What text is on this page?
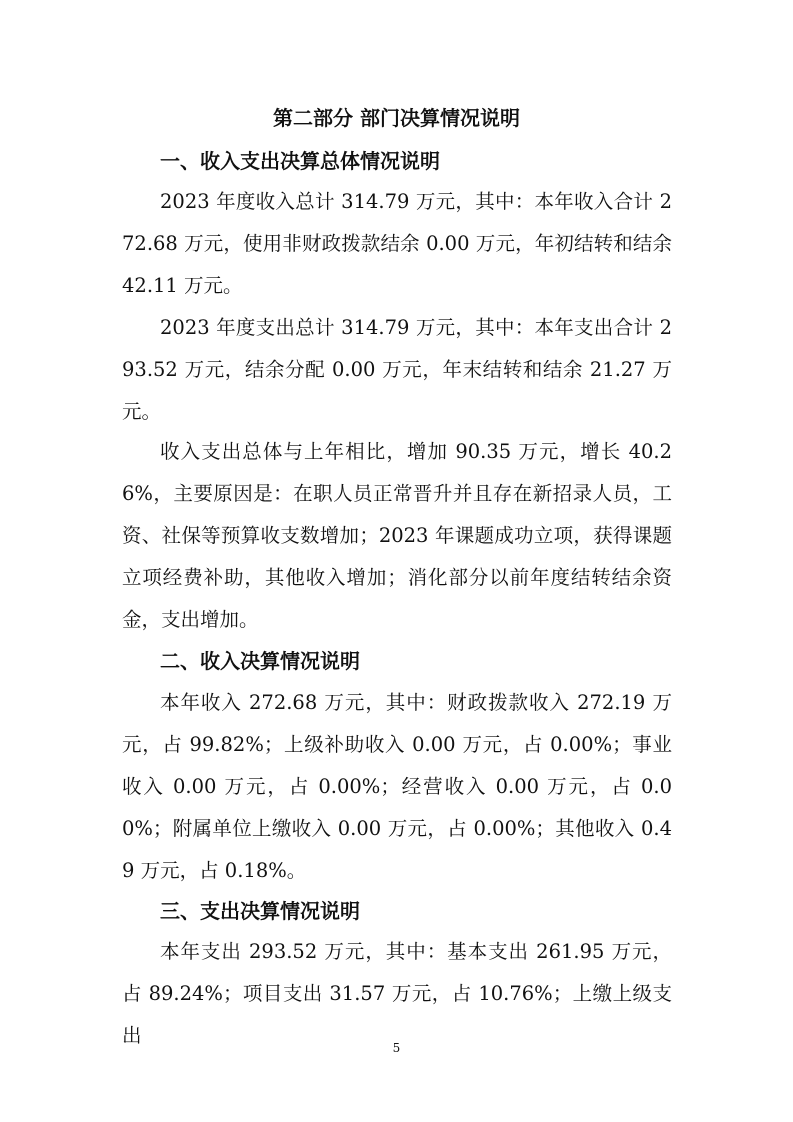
第二部分 部门决算情况说明
一、收入支出决算总体情况说明
2023 年度收入总计 314.79 万元，其中：本年收入合计 272.68 万元，使用非财政拨款结余 0.00 万元，年初结转和结余 42.11 万元。
2023 年度支出总计 314.79 万元，其中：本年支出合计 293.52 万元，结余分配 0.00 万元，年末结转和结余 21.27 万元。
收入支出总体与上年相比，增加 90.35 万元，增长 40.26%，主要原因是：在职人员正常晋升并且存在新招录人员，工资、社保等预算收支数增加；2023 年课题成功立项，获得课题立项经费补助，其他收入增加；消化部分以前年度结转结余资金，支出增加。
二、收入决算情况说明
本年收入 272.68 万元，其中：财政拨款收入 272.19 万元，占 99.82%；上级补助收入 0.00 万元，占 0.00%；事业收入 0.00 万元，占 0.00%；经营收入 0.00 万元，占 0.00%；附属单位上缴收入 0.00 万元，占 0.00%；其他收入 0.49 万元，占 0.18%。
三、支出决算情况说明
本年支出 293.52 万元，其中：基本支出 261.95 万元，占 89.24%；项目支出 31.57 万元，占 10.76%；上缴上级支出
5
